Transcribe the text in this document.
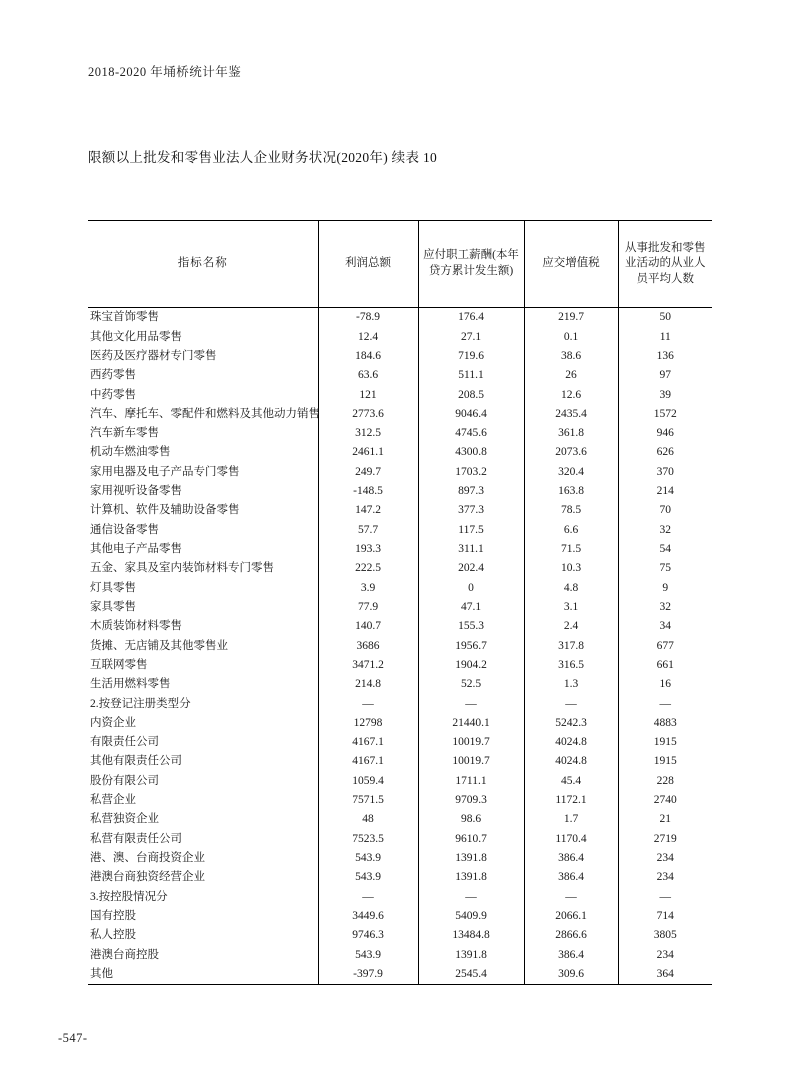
2018-2020 年埇桥统计年鉴
限额以上批发和零售业法人企业财务状况(2020年) 续表 10
指标名称	利润总额	应付职工薪酬(本年贷方累计发生额)	应交增值税	从事批发和零售业活动的从业人员平均人数
珠宝首饰零售	-78.9	176.4	219.7	50
其他文化用品零售	12.4	27.1	0.1	11
医药及医疗器材专门零售	184.6	719.6	38.6	136
西药零售	63.6	511.1	26	97
中药零售	121	208.5	12.6	39
汽车、摩托车、零配件和燃料及其他动力销售	2773.6	9046.4	2435.4	1572
汽车新车零售	312.5	4745.6	361.8	946
机动车燃油零售	2461.1	4300.8	2073.6	626
家用电器及电子产品专门零售	249.7	1703.2	320.4	370
家用视听设备零售	-148.5	897.3	163.8	214
计算机、软件及辅助设备零售	147.2	377.3	78.5	70
通信设备零售	57.7	117.5	6.6	32
其他电子产品零售	193.3	311.1	71.5	54
五金、家具及室内装饰材料专门零售	222.5	202.4	10.3	75
灯具零售	3.9	0	4.8	9
家具零售	77.9	47.1	3.1	32
木质装饰材料零售	140.7	155.3	2.4	34
货摊、无店铺及其他零售业	3686	1956.7	317.8	677
互联网零售	3471.2	1904.2	316.5	661
生活用燃料零售	214.8	52.5	1.3	16
2.按登记注册类型分	—	—	—	—
内资企业	12798	21440.1	5242.3	4883
有限责任公司	4167.1	10019.7	4024.8	1915
其他有限责任公司	4167.1	10019.7	4024.8	1915
股份有限公司	1059.4	1711.1	45.4	228
私营企业	7571.5	9709.3	1172.1	2740
私营独资企业	48	98.6	1.7	21
私营有限责任公司	7523.5	9610.7	1170.4	2719
港、澳、台商投资企业	543.9	1391.8	386.4	234
港澳台商独资经营企业	543.9	1391.8	386.4	234
3.按控股情况分	—	—	—	—
国有控股	3449.6	5409.9	2066.1	714
私人控股	9746.3	13484.8	2866.6	3805
港澳台商控股	543.9	1391.8	386.4	234
其他	-397.9	2545.4	309.6	364
-547-
